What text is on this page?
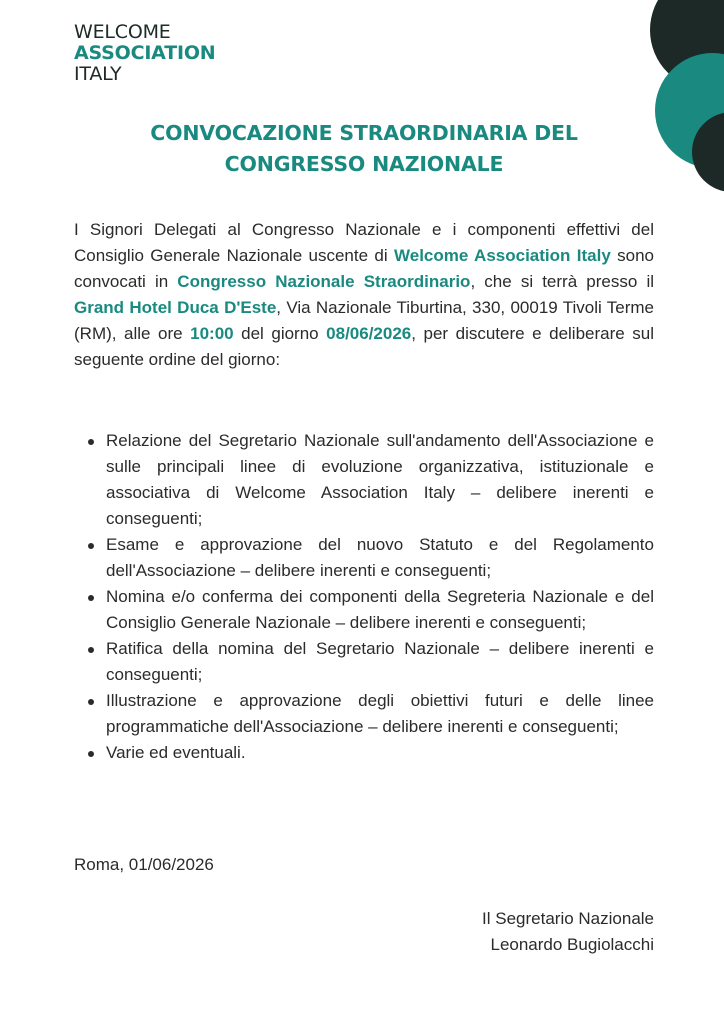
WELCOME
ASSOCIATION
ITALY
CONVOCAZIONE STRAORDINARIA DEL
CONGRESSO NAZIONALE
I Signori Delegati al Congresso Nazionale e i componenti effettivi del Consiglio Generale Nazionale uscente di Welcome Association Italy sono convocati in Congresso Nazionale Straordinario, che si terrà presso il Grand Hotel Duca D'Este, Via Nazionale Tiburtina, 330, 00019 Tivoli Terme (RM), alle ore 10:00 del giorno 08/06/2026, per discutere e deliberare sul seguente ordine del giorno:
Relazione del Segretario Nazionale sull'andamento dell'Associazione e sulle principali linee di evoluzione organizzativa, istituzionale e associativa di Welcome Association Italy – delibere inerenti e conseguenti;
Esame e approvazione del nuovo Statuto e del Regolamento dell'Associazione – delibere inerenti e conseguenti;
Nomina e/o conferma dei componenti della Segreteria Nazionale e del Consiglio Generale Nazionale – delibere inerenti e conseguenti;
Ratifica della nomina del Segretario Nazionale – delibere inerenti e conseguenti;
Illustrazione e approvazione degli obiettivi futuri e delle linee programmatiche dell'Associazione – delibere inerenti e conseguenti;
Varie ed eventuali.
Roma, 01/06/2026
Il Segretario Nazionale
Leonardo Bugiolacchi
